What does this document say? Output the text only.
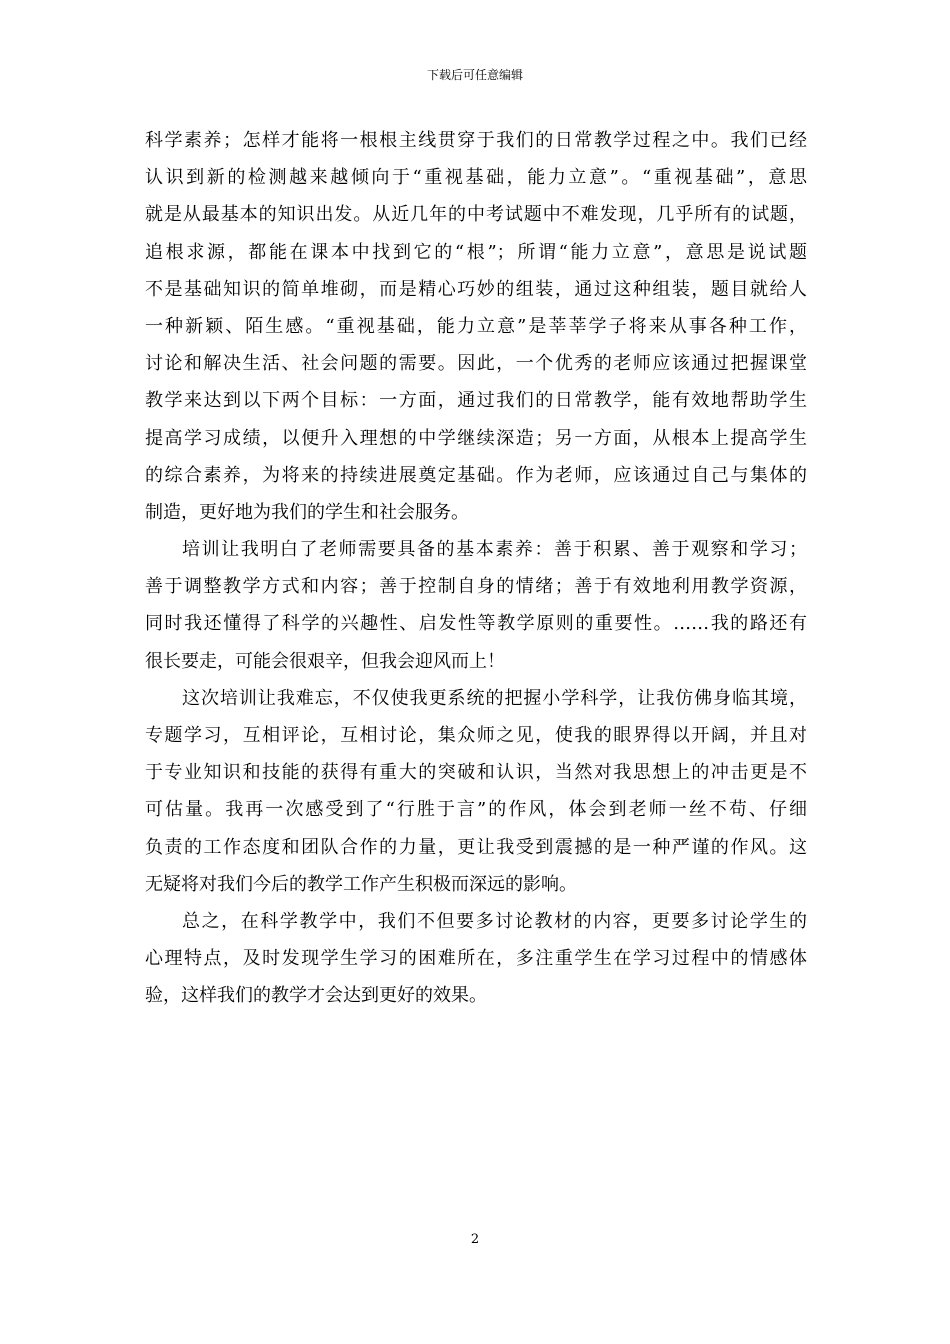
下载后可任意编辑
科学素养；怎样才能将一根根主线贯穿于我们的日常教学过程之中。我们已经
认识到新的检测越来越倾向于“重视基础，能力立意”。“重视基础”，意思
就是从最基本的知识出发。从近几年的中考试题中不难发现，几乎所有的试题，
追根求源，都能在课本中找到它的“根”；所谓“能力立意”，意思是说试题
不是基础知识的简单堆砌，而是精心巧妙的组装，通过这种组装，题目就给人
一种新颖、陌生感。“重视基础，能力立意”是莘莘学子将来从事各种工作，
讨论和解决生活、社会问题的需要。因此，一个优秀的老师应该通过把握课堂
教学来达到以下两个目标：一方面，通过我们的日常教学，能有效地帮助学生
提高学习成绩，以便升入理想的中学继续深造；另一方面，从根本上提高学生
的综合素养，为将来的持续进展奠定基础。作为老师，应该通过自己与集体的
制造，更好地为我们的学生和社会服务。
培训让我明白了老师需要具备的基本素养：善于积累、善于观察和学习；
善于调整教学方式和内容；善于控制自身的情绪；善于有效地利用教学资源，
同时我还懂得了科学的兴趣性、启发性等教学原则的重要性。……我的路还有
很长要走，可能会很艰辛，但我会迎风而上！
这次培训让我难忘，不仅使我更系统的把握小学科学，让我仿佛身临其境，
专题学习，互相评论，互相讨论，集众师之见，使我的眼界得以开阔，并且对
于专业知识和技能的获得有重大的突破和认识，当然对我思想上的冲击更是不
可估量。我再一次感受到了“行胜于言”的作风，体会到老师一丝不苟、仔细
负责的工作态度和团队合作的力量，更让我受到震撼的是一种严谨的作风。这
无疑将对我们今后的教学工作产生积极而深远的影响。
总之，在科学教学中，我们不但要多讨论教材的内容，更要多讨论学生的
心理特点，及时发现学生学习的困难所在，多注重学生在学习过程中的情感体
验，这样我们的教学才会达到更好的效果。
2
